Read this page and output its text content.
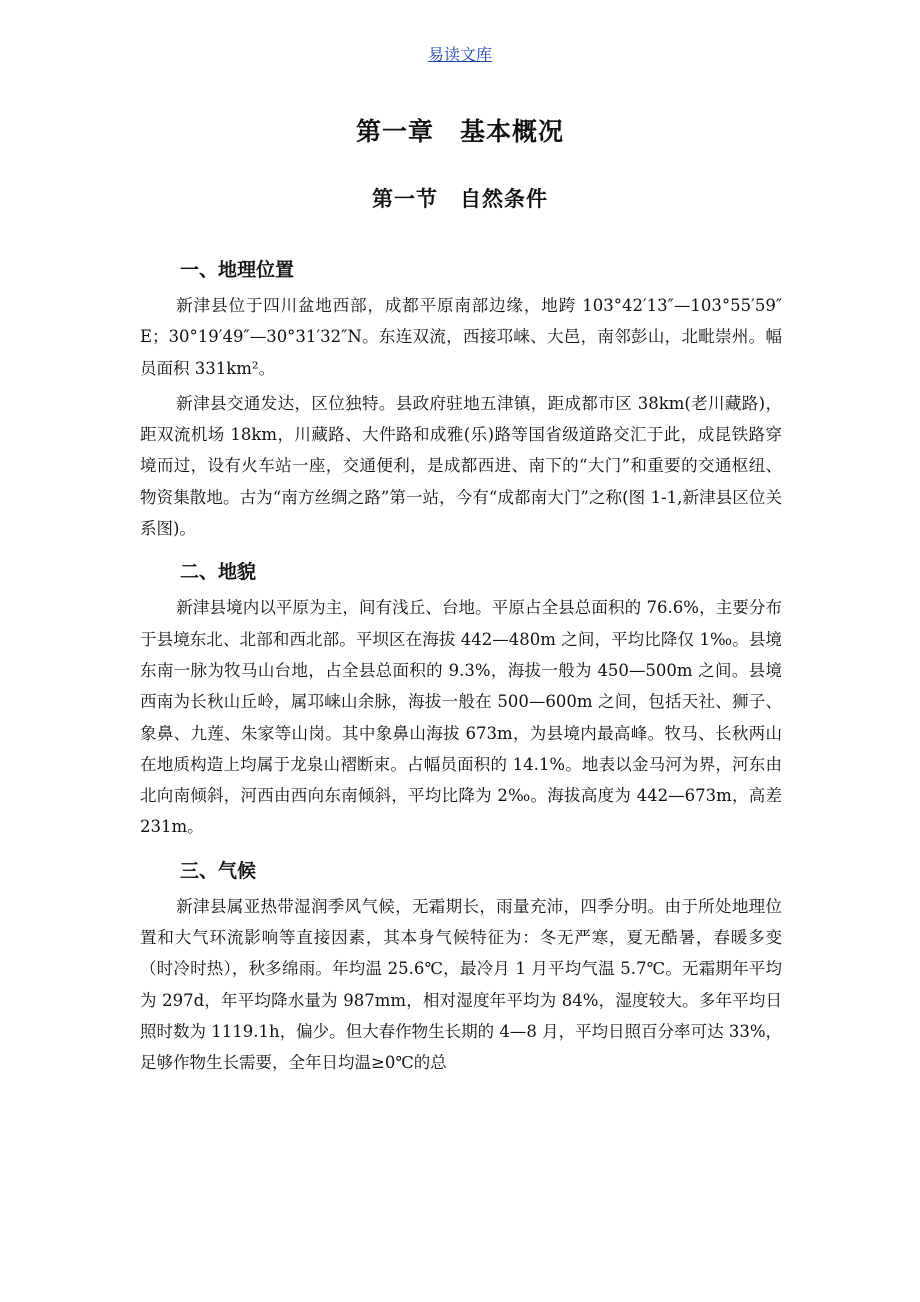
易读文库
第一章　基本概况
第一节　自然条件
一、地理位置

新津县位于四川盆地西部，成都平原南部边缘，地跨 103°42′13″—103°55′59″E；30°19′49″—30°31′32″N。东连双流，西接邛崃、大邑，南邻彭山，北毗崇州。幅员面积 331km²。

新津县交通发达，区位独特。县政府驻地五津镇，距成都市区 38km(老川藏路)，距双流机场 18km，川藏路、大件路和成雅(乐)路等国省级道路交汇于此，成昆铁路穿境而过，设有火车站一座，交通便利，是成都西进、南下的“大门”和重要的交通枢纽、物资集散地。古为“南方丝绸之路”第一站，今有“成都南大门”之称(图 1-1,新津县区位关系图)。

二、地貌

新津县境内以平原为主，间有浅丘、台地。平原占全县总面积的 76.6%，主要分布于县境东北、北部和西北部。平坝区在海拔 442—480m 之间，平均比降仅 1‰。县境东南一脉为牧马山台地，占全县总面积的 9.3%，海拔一般为 450—500m 之间。县境西南为长秋山丘岭，属邛崃山余脉，海拔一般在 500—600m 之间，包括天社、狮子、象鼻、九莲、朱家等山岗。其中象鼻山海拔 673m，为县境内最高峰。牧马、长秋两山在地质构造上均属于龙泉山褶断束。占幅员面积的 14.1%。地表以金马河为界，河东由北向南倾斜，河西由西向东南倾斜，平均比降为 2‰。海拔高度为 442—673m，高差 231m。

三、气候

新津县属亚热带湿润季风气候，无霜期长，雨量充沛，四季分明。由于所处地理位置和大气环流影响等直接因素，其本身气候特征为：冬无严寒，夏无酷暑，春暖多变（时冷时热），秋多绵雨。年均温 25.6℃，最冷月 1 月平均气温 5.7℃。无霜期年平均为 297d，年平均降水量为 987mm，相对湿度年平均为 84%，湿度较大。多年平均日照时数为 1119.1h，偏少。但大春作物生长期的 4—8 月，平均日照百分率可达 33%，足够作物生长需要，全年日均温≥0℃的总
